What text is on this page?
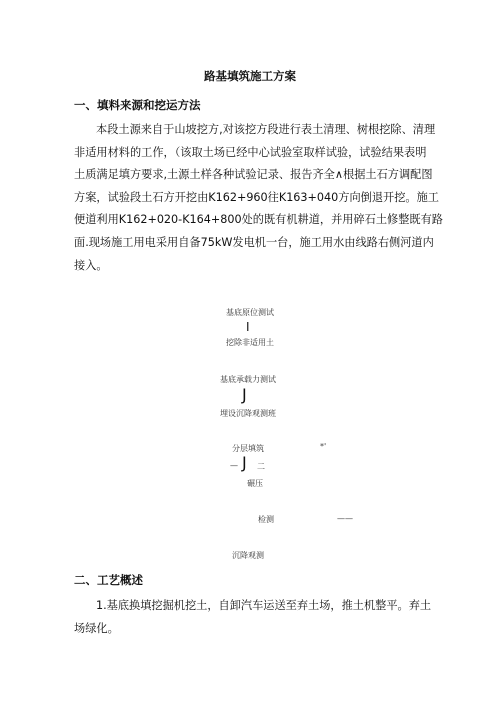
路基填筑施工方案
一、填料来源和挖运方法
本段土源来自于山坡挖方,对该挖方段进行表土清理、树根挖除、清理
非适用材料的工作，（该取土场已经中心试验室取样试验，试验结果表明
土质满足填方要求,土源土样各种试验记录、报告齐全∧根据土石方调配图
方案，试验段土石方开挖由K162+960往K163+040方向倒退开挖。施工
便道利用K162+020-K164+800处的既有机耕道，并用碎石土修整既有路
面.现场施工用电采用自备75kW发电机一台，施工用水由线路右侧河道内
接入。
基底原位测试
I
挖除非适用土
基底承载力测试
J
埋设沉降观测班
分层填筑	*'
— J 二
碾压
检测	——
沉降观测
二、工艺概述
1.基底换填挖掘机挖土，自卸汽车运送至弃土场，推土机整平。弃土
场绿化。
